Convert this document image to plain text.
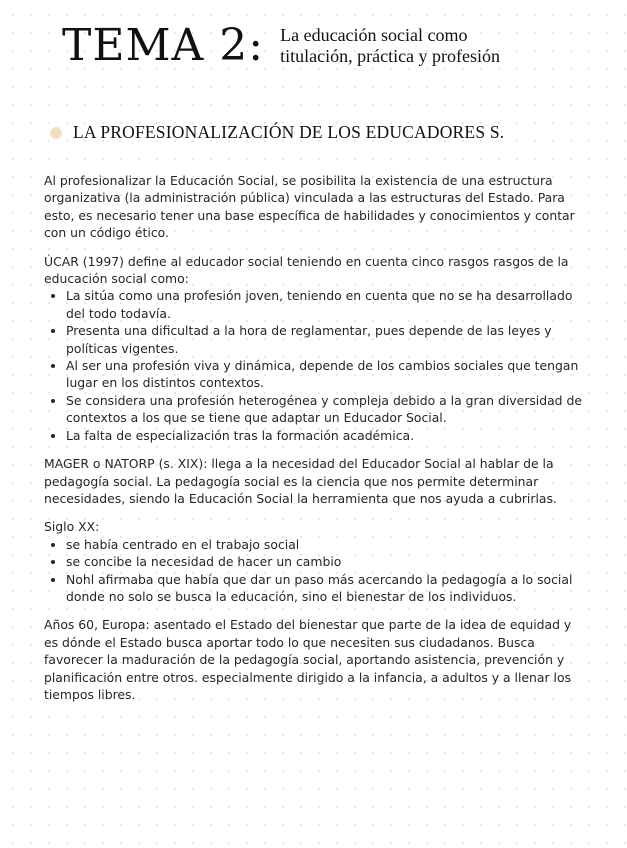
TEMA 2: La educación social como
titulación, práctica y profesión
LA PROFESIONALIZACIÓN DE LOS EDUCADORES S.

Al profesionalizar la Educación Social, se posibilita la existencia de una estructura organizativa (la administración pública) vinculada a las estructuras del Estado. Para esto, es necesario tener una base específica de habilidades y conocimientos y contar con un código ético.

ÚCAR (1997) define al educador social teniendo en cuenta cinco rasgos rasgos de la educación social como:

• La sitúa como una profesión joven, teniendo en cuenta que no se ha desarrollado del todo todavía.
• Presenta una dificultad a la hora de reglamentar, pues depende de las leyes y políticas vigentes.
• Al ser una profesión viva y dinámica, depende de los cambios sociales que tengan lugar en los distintos contextos.
• Se considera una profesión heterogénea y compleja debido a la gran diversidad de contextos a los que se tiene que adaptar un Educador Social.
• La falta de especialización tras la formación académica.

MAGER o NATORP (s. XIX): llega a la necesidad del Educador Social al hablar de la pedagogía social. La pedagogía social es la ciencia que nos permite determinar necesidades, siendo la Educación Social la herramienta que nos ayuda a cubrirlas.

Siglo XX:

• se había centrado en el trabajo social
• se concibe la necesidad de hacer un cambio
• Nohl afirmaba que había que dar un paso más acercando la pedagogía a lo social donde no solo se busca la educación, sino el bienestar de los individuos.

Años 60, Europa: asentado el Estado del bienestar que parte de la idea de equidad y es dónde el Estado busca aportar todo lo que necesiten sus ciudadanos. Busca favorecer la maduración de la pedagogía social, aportando asistencia, prevención y planificación entre otros. especialmente dirigido a la infancia, a adultos y a llenar los tiempos libres.
